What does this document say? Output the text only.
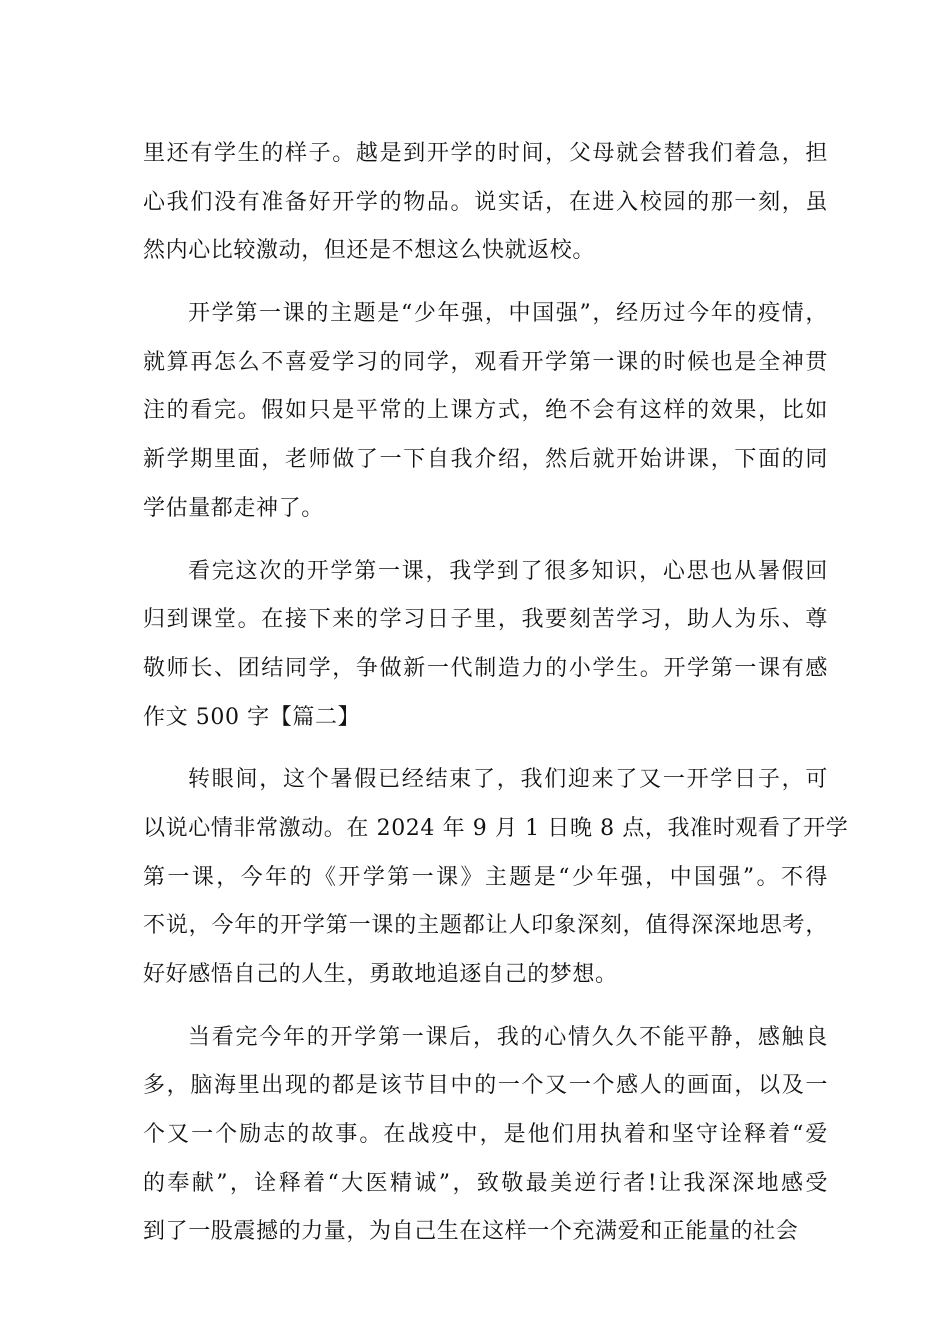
里还有学生的样子。越是到开学的时间，父母就会替我们着急，担
心我们没有准备好开学的物品。说实话，在进入校园的那一刻，虽
然内心比较激动，但还是不想这么快就返校。
开学第一课的主题是“少年强，中国强”，经历过今年的疫情，
就算再怎么不喜爱学习的同学，观看开学第一课的时候也是全神贯
注的看完。假如只是平常的上课方式，绝不会有这样的效果，比如
新学期里面，老师做了一下自我介绍，然后就开始讲课，下面的同
学估量都走神了。
看完这次的开学第一课，我学到了很多知识，心思也从暑假回
归到课堂。在接下来的学习日子里，我要刻苦学习，助人为乐、尊
敬师长、团结同学，争做新一代制造力的小学生。开学第一课有感
作文 500 字【篇二】
转眼间，这个暑假已经结束了，我们迎来了又一开学日子，可
以说心情非常激动。在 2024 年 9 月 1 日晚 8 点，我准时观看了开学
第一课，今年的《开学第一课》主题是“少年强，中国强”。不得
不说，今年的开学第一课的主题都让人印象深刻，值得深深地思考，
好好感悟自己的人生，勇敢地追逐自己的梦想。
当看完今年的开学第一课后，我的心情久久不能平静，感触良
多，脑海里出现的都是该节目中的一个又一个感人的画面，以及一
个又一个励志的故事。在战疫中，是他们用执着和坚守诠释着“爱
的奉献”，诠释着“大医精诚”，致敬最美逆行者!让我深深地感受
到了一股震撼的力量，为自己生在这样一个充满爱和正能量的社会
